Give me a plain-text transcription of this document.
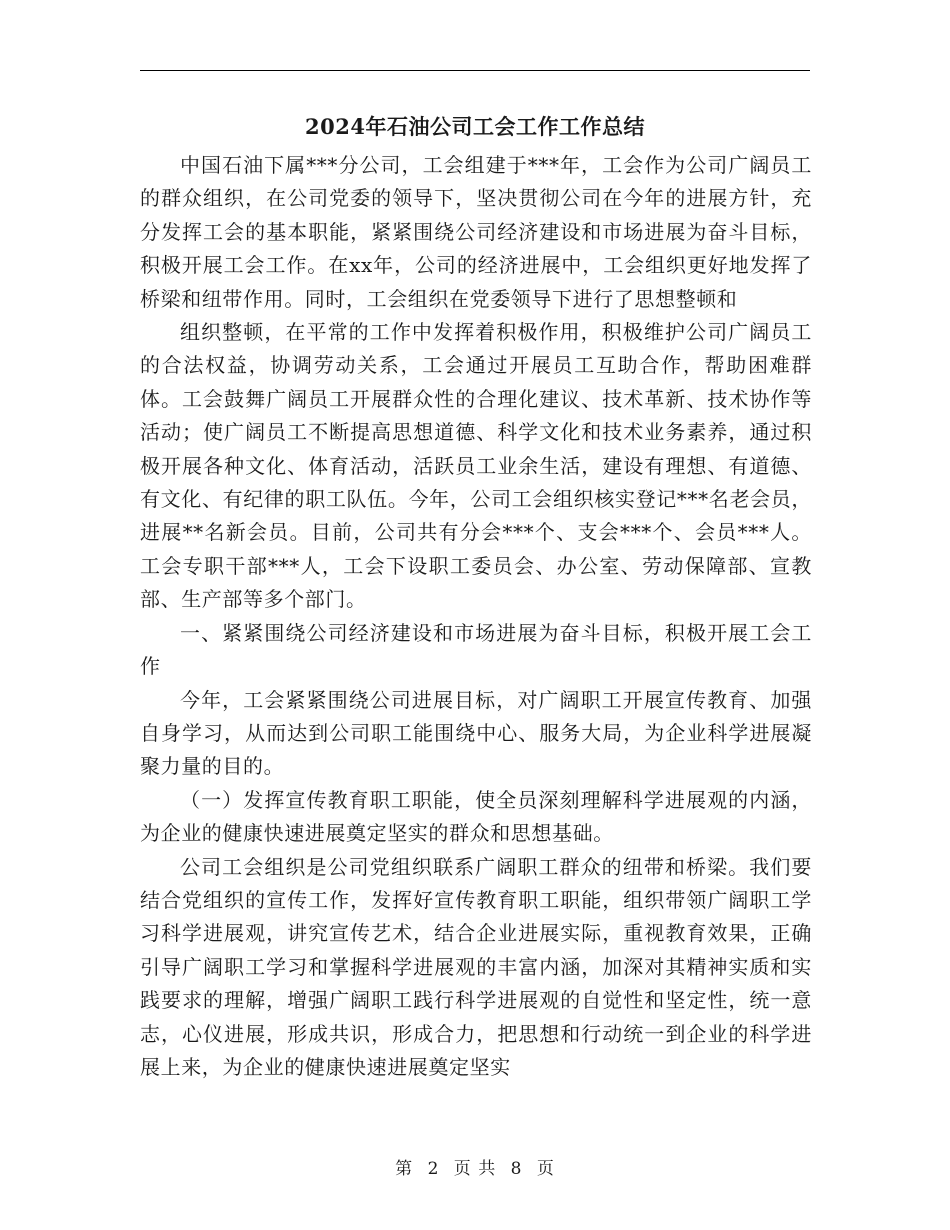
2024年石油公司工会工作工作总结

中国石油下属***分公司，工会组建于***年，工会作为公司广阔员工的群众组织，在公司党委的领导下，坚决贯彻公司在今年的进展方针，充分发挥工会的基本职能，紧紧围绕公司经济建设和市场进展为奋斗目标，积极开展工会工作。在xx年，公司的经济进展中，工会组织更好地发挥了桥梁和纽带作用。同时，工会组织在党委领导下进行了思想整顿和

组织整顿，在平常的工作中发挥着积极作用，积极维护公司广阔员工的合法权益，协调劳动关系，工会通过开展员工互助合作，帮助困难群体。工会鼓舞广阔员工开展群众性的合理化建议、技术革新、技术协作等活动；使广阔员工不断提高思想道德、科学文化和技术业务素养，通过积极开展各种文化、体育活动，活跃员工业余生活，建设有理想、有道德、有文化、有纪律的职工队伍。今年，公司工会组织核实登记***名老会员，进展**名新会员。目前，公司共有分会***个、支会***个、会员***人。工会专职干部***人，工会下设职工委员会、办公室、劳动保障部、宣教部、生产部等多个部门。

一、紧紧围绕公司经济建设和市场进展为奋斗目标，积极开展工会工作

今年，工会紧紧围绕公司进展目标，对广阔职工开展宣传教育、加强自身学习，从而达到公司职工能围绕中心、服务大局，为企业科学进展凝聚力量的目的。

（一）发挥宣传教育职工职能，使全员深刻理解科学进展观的内涵，为企业的健康快速进展奠定坚实的群众和思想基础。

公司工会组织是公司党组织联系广阔职工群众的纽带和桥梁。我们要结合党组织的宣传工作，发挥好宣传教育职工职能，组织带领广阔职工学习科学进展观，讲究宣传艺术，结合企业进展实际，重视教育效果，正确引导广阔职工学习和掌握科学进展观的丰富内涵，加深对其精神实质和实践要求的理解，增强广阔职工践行科学进展观的自觉性和坚定性，统一意志，心仪进展，形成共识，形成合力，把思想和行动统一到企业的科学进展上来，为企业的健康快速进展奠定坚实

第 2 页 共 8 页
